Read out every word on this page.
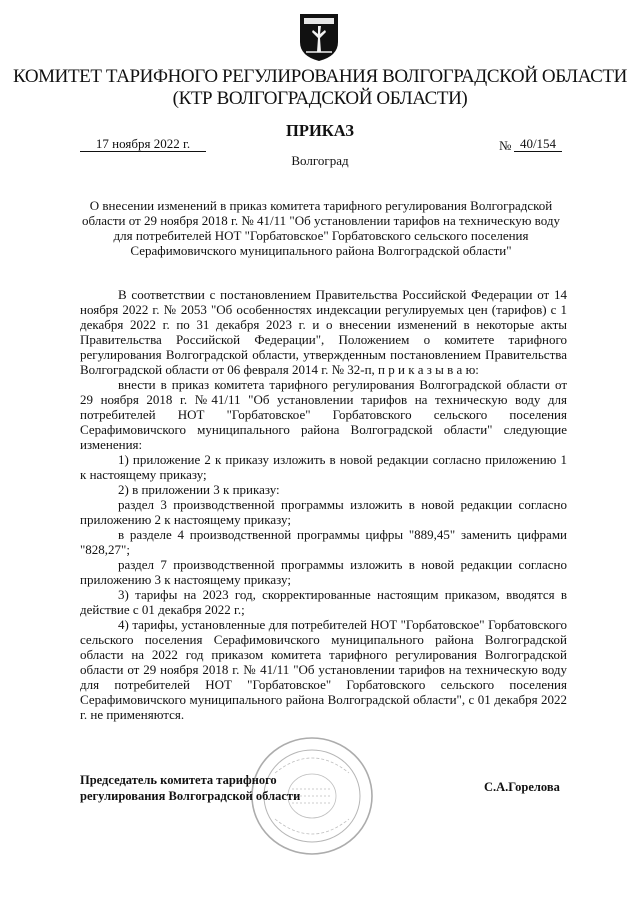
КОМИТЕТ ТАРИФНОГО РЕГУЛИРОВАНИЯ ВОЛГОГРАДСКОЙ ОБЛАСТИ
(КТР ВОЛГОГРАДСКОЙ ОБЛАСТИ)
ПРИКАЗ
17 ноября 2022 г.	№ 40/154
Волгоград
О внесении изменений в приказ комитета тарифного регулирования Волгоградской области от 29 ноября 2018 г. № 41/11 "Об установлении тарифов на техническую воду для потребителей НОТ "Горбатовское" Горбатовского сельского поселения Серафимовичского муниципального района Волгоградской области"

В соответствии с постановлением Правительства Российской Федерации от 14 ноября 2022 г. № 2053 "Об особенностях индексации регулируемых цен (тарифов) с 1 декабря 2022 г. по 31 декабря 2023 г. и о внесении изменений в некоторые акты Правительства Российской Федерации", Положением о комитете тарифного регулирования Волгоградской области, утвержденным постановлением Правительства Волгоградской области от 06 февраля 2014 г. № 32-п, п р и к а з ы в а ю:

внести в приказ комитета тарифного регулирования Волгоградской области от 29 ноября 2018 г. №41/11 "Об установлении тарифов на техническую воду для потребителей НОТ "Горбатовское" Горбатовского сельского поселения Серафимовичского муниципального района Волгоградской области" следующие изменения:

1) приложение 2 к приказу изложить в новой редакции согласно приложению 1 к настоящему приказу;

2) в приложении 3 к приказу:

раздел 3 производственной программы изложить в новой редакции согласно приложению 2 к настоящему приказу;

в разделе 4 производственной программы цифры "889,45" заменить цифрами "828,27";

раздел 7 производственной программы изложить в новой редакции согласно приложению 3 к настоящему приказу;

3) тарифы на 2023 год, скорректированные настоящим приказом, вводятся в действие с 01 декабря 2022 г.;

4) тарифы, установленные для потребителей НОТ "Горбатовское" Горбатовского сельского поселения Серафимовичского муниципального района Волгоградской области на 2022 год приказом комитета тарифного регулирования Волгоградской области от 29 ноября 2018 г. № 41/11 "Об установлении тарифов на техническую воду для потребителей НОТ "Горбатовское" Горбатовского сельского поселения Серафимовичского муниципального района Волгоградской области", с 01 декабря 2022 г. не применяются.

Председатель комитета тарифного
регулирования Волгоградской области
С.А.Горелова
